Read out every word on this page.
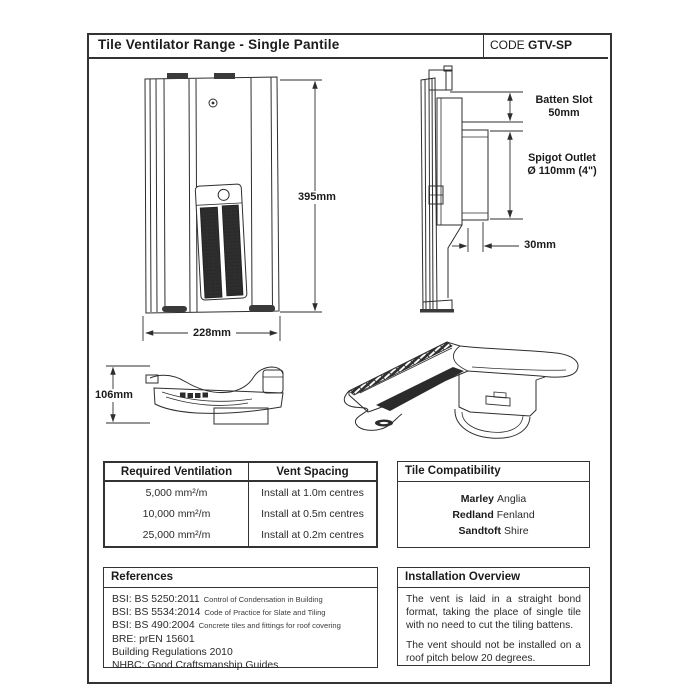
Tile Ventilator Range - Single Pantile	CODE GTV-SP
395mm
228mm
106mm
Batten Slot
50mm
Spigot Outlet
Ø 110mm (4")
30mm
Required Ventilation	Vent Spacing
5,000 mm²/m	Install at 1.0m centres
10,000 mm²/m	Install at 0.5m centres
25,000 mm²/m	Install at 0.2m centres
Tile Compatibility
Marley Anglia
Redland Fenland
Sandtoft Shire
References
BSI: BS 5250:2011 Control of Condensation in Building
BSI: BS 5534:2014 Code of Practice for Slate and Tiling
BSI: BS 490:2004 Concrete tiles and fittings for roof covering
BRE: prEN 15601
Building Regulations 2010
NHBC: Good Craftsmanship Guides
Installation Overview

The vent is laid in a straight bond format, taking the place of single tile with no need to cut the tiling battens.

The vent should not be installed on a roof pitch below 20 degrees.
